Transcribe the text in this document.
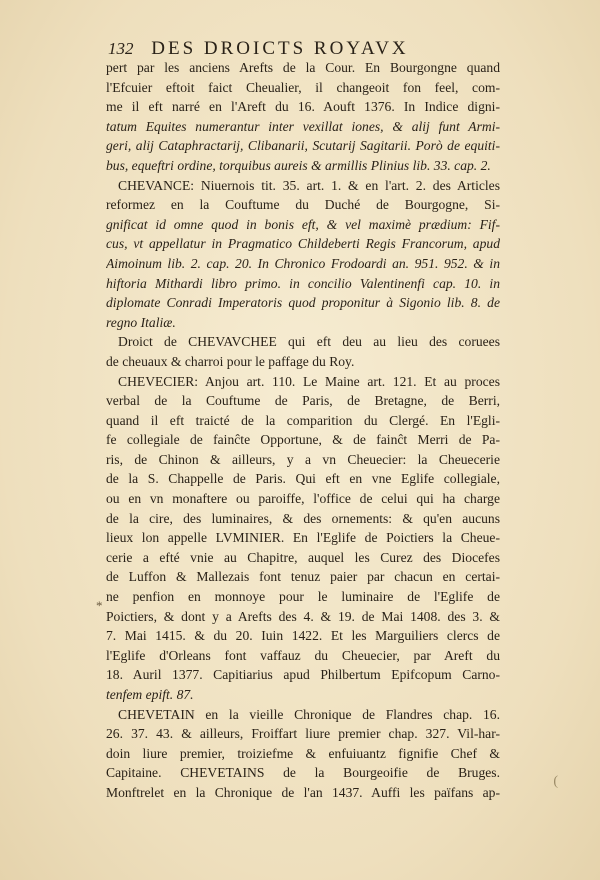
132 DES DROICTS ROYAVX
pert par les anciens Arefts de la Cour. En Bourgongne quand
l'Efcuier eftoit faict Cheualier, il changeoit fon feel, com-
me il eft narré en l'Areft du 16. Aouft 1376. In Indice digni-
tatum Equites numerantur inter vexillat iones, & alij funt Armi-
geri, alij Cataphractarij, Clibanarii, Scutarij Sagitarii. Porò de equiti-
bus, equeftri ordine, torquibus aureis & armillis Plinius lib. 33. cap. 2.
CHEVANCE: Niuernois tit. 35. art. 1. & en l'art. 2. des Articles
reformez en la Couftume du Duché de Bourgogne, Si-
gnificat id omne quod in bonis eft, & vel maximè prædium: Fif-
cus, vt appellatur in Pragmatico Childeberti Regis Francorum, apud
Aimoinum lib. 2. cap. 20. In Chronico Frodoardi an. 951. 952. & in
hiftoria Mithardi libro primo. in concilio Valentinenfi cap. 10. in
diplomate Conradi Imperatoris quod proponitur à Sigonio lib. 8. de
regno Italiæ.
Droict de CHEVAVCHEE qui eft deu au lieu des coruees
de cheuaux & charroi pour le paffage du Roy.
CHEVECIER: Anjou art. 110. Le Maine art. 121. Et au proces
verbal de la Couftume de Paris, de Bretagne, de Berri,
quand il eft traicté de la comparition du Clergé. En l'Egli-
fe collegiale de fainĉte Opportune, & de fainĉt Merri de Pa-
ris, de Chinon & ailleurs, y a vn Cheuecier: la Cheuecerie
de la S. Chappelle de Paris. Qui eft en vne Eglife collegiale,
ou en vn monaftere ou paroiffe, l'office de celui qui ha charge
de la cire, des luminaires, & des ornements: & qu'en aucuns
lieux lon appelle LVMINIER. En l'Eglife de Poictiers la Cheue-
cerie a efté vnie au Chapitre, auquel les Curez des Diocefes
de Luffon & Mallezais font tenuz paier par chacun en certai-
ne penfion en monnoye pour le luminaire de l'Eglife de
Poictiers, & dont y a Arefts des 4. & 19. de Mai 1408. des 3. &
7. Mai 1415. & du 20. Iuin 1422. Et les Marguiliers clercs de
l'Eglife d'Orleans font vaffauz du Cheuecier, par Areft du
18. Auril 1377. Capitiarius apud Philbertum Epifcopum Carno-
tenfem epift. 87.
CHEVETAIN en la vieille Chronique de Flandres chap. 16.
26. 37. 43. & ailleurs, Froiffart liure premier chap. 327. Vil-har-
doin liure premier, troiziefme & enfuiuantz fignifie Chef &
Capitaine. CHEVETAINS de la Bourgeoifie de Bruges.
Monftrelet en la Chronique de l'an 1437. Auffi les païfans ap-
*
(
